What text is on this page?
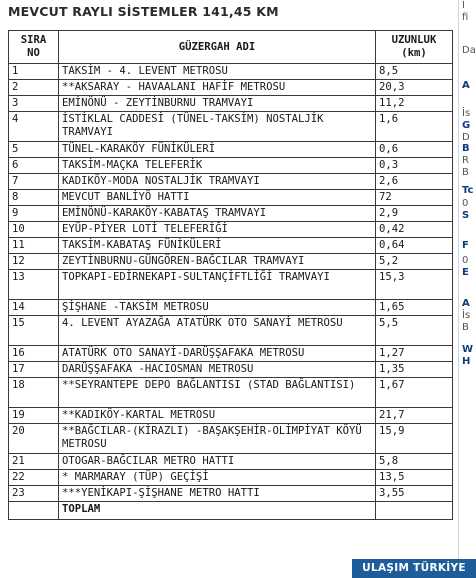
MEVCUT RAYLI SİSTEMLER 141,45 KM
SIRA NO	GÜZERGAH ADI	UZUNLUK (km)
1	TAKSİM - 4. LEVENT METROSU	8,5
2	**AKSARAY - HAVAALANI HAFİF METROSU	20,3
3	EMİNÖNÜ - ZEYTİNBURNU TRAMVAYI	11,2
4	İSTİKLAL CADDESİ (TÜNEL-TAKSİM) NOSTALJİK TRAMVAYI	1,6
5	TÜNEL-KARAKÖY FÜNİKÜLERİ	0,6
6	TAKSİM-MAÇKA TELEFERİK	0,3
7	KADIKÖY-MODA NOSTALJİK TRAMVAYI	2,6
8	MEVCUT BANLİYÖ HATTI	72
9	EMİNÖNÜ-KARAKÖY-KABATAŞ TRAMVAYI	2,9
10	EYÜP-PİYER LOTİ TELEFERİĞİ	0,42
11	TAKSİM-KABATAŞ FÜNİKÜLERİ	0,64
12	ZEYTİNBURNU-GÜNGÖREN-BAĞCILAR TRAMVAYI	5,2
13	TOPKAPI-EDİRNEKAPI-SULTANÇİFTLİĞİ TRAMVAYI	15,3
14	ŞİŞHANE -TAKSİM METROSU	1,65
15	4. LEVENT AYAZAĞA ATATÜRK OTO SANAYİ METROSU	5,5
16	ATATÜRK OTO SANAYİ-DARÜŞŞAFAKA METROSU	1,27
17	DARÜŞŞAFAKA -HACIOSMAN METROSU	1,35
18	**SEYRANTEPE DEPO BAĞLANTISI (STAD BAĞLANTISI)	1,67
19	**KADIKÖY-KARTAL METROSU	21,7
20	**BAĞCILAR-(KİRAZLI) -BAŞAKŞEHİR-OLİMPİYAT KÖYÜ METROSU	15,9
21	OTOGAR-BAĞCILAR METRO HATTI	5,8
22	* MARMARAY (TÜP) GEÇİŞİ	13,5
23	***YENİKAPI-ŞİŞHANE METRO HATTI	3,55
	TOPLAM	
İ
fi
Da
A
İs
G
D
B
R
B
Tc
0
S
F
0
E
A
İs
B
W
H
ULAŞIM TÜRKİYE
